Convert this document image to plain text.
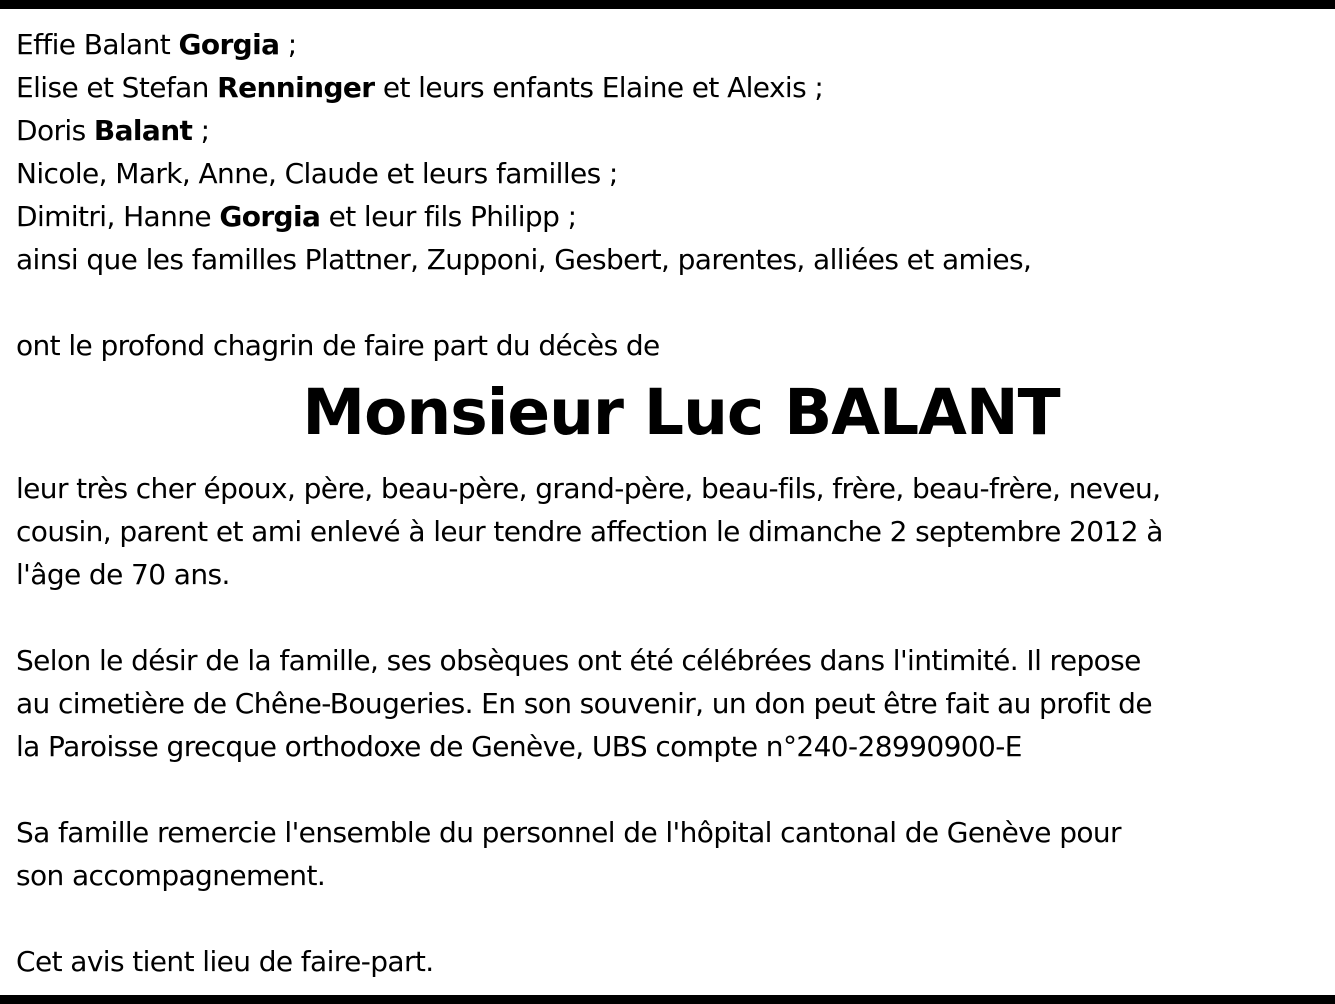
Effie Balant Gorgia ;
Elise et Stefan Renninger et leurs enfants Elaine et Alexis ;
Doris Balant ;
Nicole, Mark, Anne, Claude et leurs familles ;
Dimitri, Hanne Gorgia et leur fils Philipp ;
ainsi que les familles Plattner, Zupponi, Gesbert, parentes, alliées et amies,
ont le profond chagrin de faire part du décès de
Monsieur Luc BALANT
leur très cher époux, père, beau-père, grand-père, beau-fils, frère, beau-frère, neveu,
cousin, parent et ami enlevé à leur tendre affection le dimanche 2 septembre 2012 à
l'âge de 70 ans.
Selon le désir de la famille, ses obsèques ont été célébrées dans l'intimité. Il repose
au cimetière de Chêne-Bougeries. En son souvenir, un don peut être fait au profit de
la Paroisse grecque orthodoxe de Genève, UBS compte n°240-28990900-E
Sa famille remercie l'ensemble du personnel de l'hôpital cantonal de Genève pour
son accompagnement.
Cet avis tient lieu de faire-part.
